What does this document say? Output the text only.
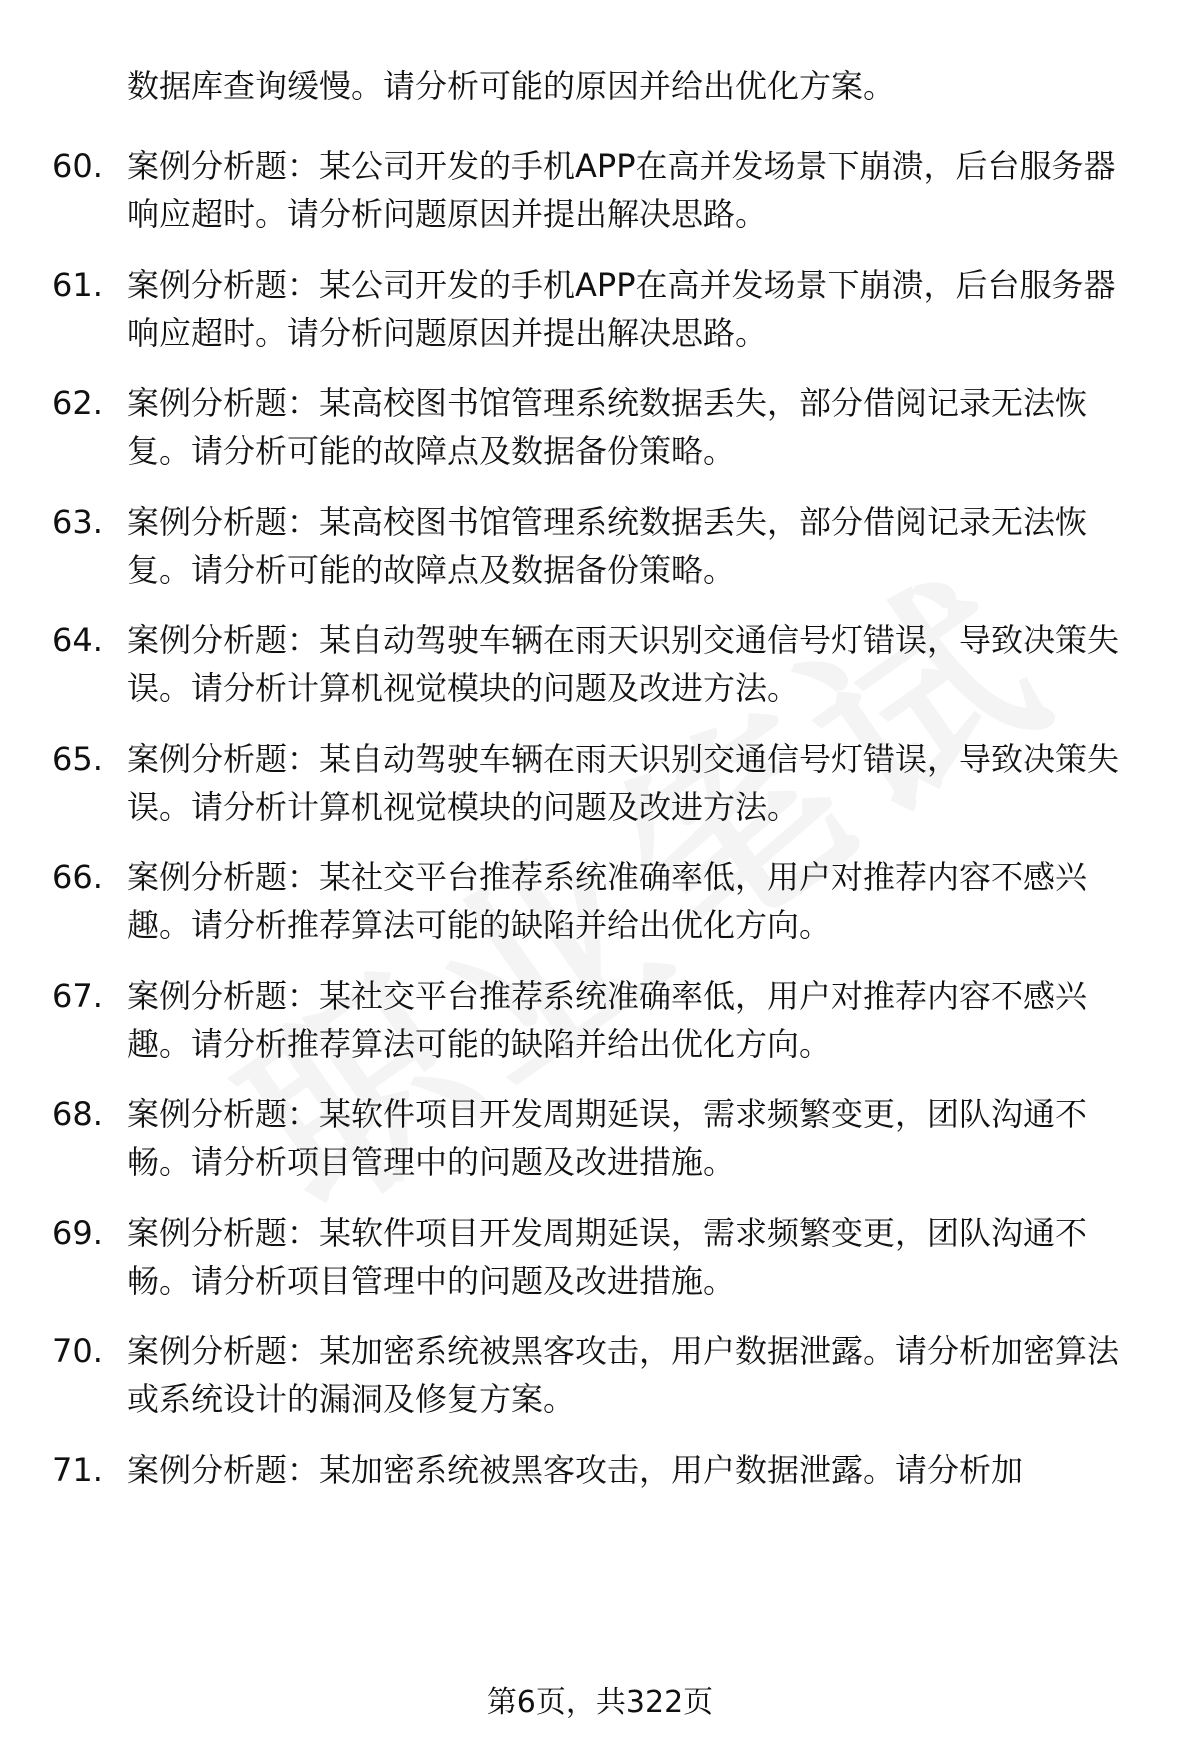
数据库查询缓慢。请分析可能的原因并给出优化方案。
60. 案例分析题：某公司开发的手机APP在高并发场景下崩溃，后台服务器响应超时。请分析问题原因并提出解决思路。
61. 案例分析题：某公司开发的手机APP在高并发场景下崩溃，后台服务器响应超时。请分析问题原因并提出解决思路。
62. 案例分析题：某高校图书馆管理系统数据丢失，部分借阅记录无法恢复。请分析可能的故障点及数据备份策略。
63. 案例分析题：某高校图书馆管理系统数据丢失，部分借阅记录无法恢复。请分析可能的故障点及数据备份策略。
64. 案例分析题：某自动驾驶车辆在雨天识别交通信号灯错误，导致决策失误。请分析计算机视觉模块的问题及改进方法。
65. 案例分析题：某自动驾驶车辆在雨天识别交通信号灯错误，导致决策失误。请分析计算机视觉模块的问题及改进方法。
66. 案例分析题：某社交平台推荐系统准确率低，用户对推荐内容不感兴趣。请分析推荐算法可能的缺陷并给出优化方向。
67. 案例分析题：某社交平台推荐系统准确率低，用户对推荐内容不感兴趣。请分析推荐算法可能的缺陷并给出优化方向。
68. 案例分析题：某软件项目开发周期延误，需求频繁变更，团队沟通不畅。请分析项目管理中的问题及改进措施。
69. 案例分析题：某软件项目开发周期延误，需求频繁变更，团队沟通不畅。请分析项目管理中的问题及改进措施。
70. 案例分析题：某加密系统被黑客攻击，用户数据泄露。请分析加密算法或系统设计的漏洞及修复方案。
71. 案例分析题：某加密系统被黑客攻击，用户数据泄露。请分析加
第6页，共322页
